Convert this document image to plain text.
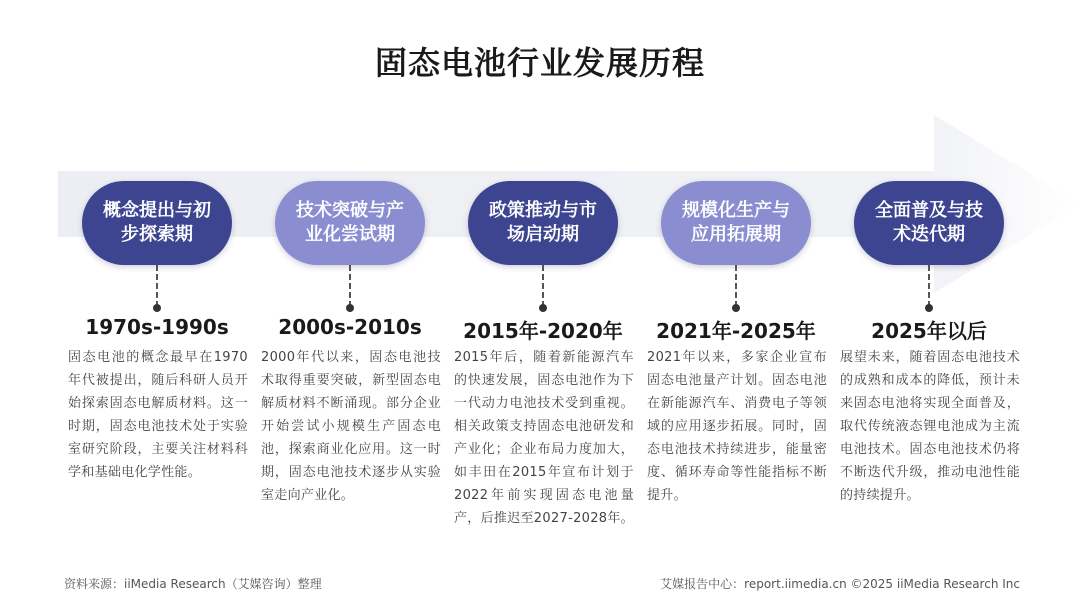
固态电池行业发展历程
概念提出与初步探索期
1970s-1990s
固态电池的概念最早在1970年代被提出，随后科研人员开始探索固态电解质材料。这一时期，固态电池技术处于实验室研究阶段，主要关注材料科学和基础电化学性能。
技术突破与产业化尝试期
2000s-2010s
2000年代以来，固态电池技术取得重要突破，新型固态电解质材料不断涌现。部分企业开始尝试小规模生产固态电池，探索商业化应用。这一时期，固态电池技术逐步从实验室走向产业化。
政策推动与市场启动期
2015年-2020年
2015年后，随着新能源汽车的快速发展，固态电池作为下一代动力电池技术受到重视。相关政策支持固态电池研发和产业化；企业布局力度加大，如丰田在2015年宣布计划于2022年前实现固态电池量产，后推迟至2027-2028年。
规模化生产与应用拓展期
2021年-2025年
2021年以来，多家企业宣布固态电池量产计划。固态电池在新能源汽车、消费电子等领域的应用逐步拓展。同时，固态电池技术持续进步，能量密度、循环寿命等性能指标不断提升。
全面普及与技术迭代期
2025年以后
展望未来，随着固态电池技术的成熟和成本的降低，预计未来固态电池将实现全面普及，取代传统液态锂电池成为主流电池技术。固态电池技术仍将不断迭代升级，推动电池性能的持续提升。
资料来源：iiMedia Research（艾媒咨询）整理	艾媒报告中心：report.iimedia.cn ©2025 iiMedia Research Inc
